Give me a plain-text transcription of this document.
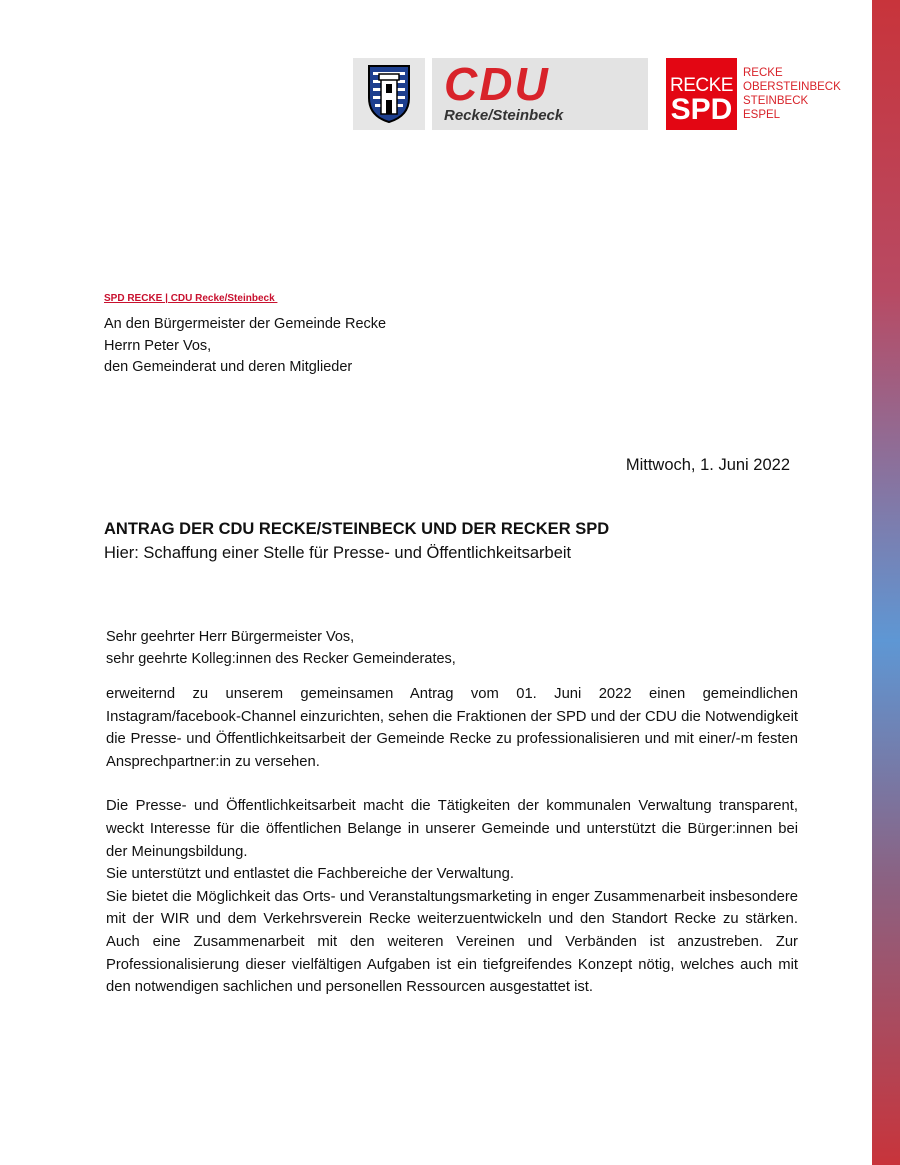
CDU
Recke/Steinbeck
RECKE
SPD
RECKE
OBERSTEINBECK
STEINBECK
ESPEL
SPD RECKE | CDU Recke/Steinbeck
An den Bürgermeister der Gemeinde Recke
Herrn Peter Vos,
den Gemeinderat und deren Mitglieder
Mittwoch, 1. Juni 2022
ANTRAG DER CDU RECKE/STEINBECK UND DER RECKER SPD
Hier: Schaffung einer Stelle für Presse- und Öffentlichkeitsarbeit
Sehr geehrter Herr Bürgermeister Vos,
sehr geehrte Kolleg:innen des Recker Gemeinderates,

erweiternd zu unserem gemeinsamen Antrag vom 01. Juni 2022 einen gemeindlichen Instagram/facebook-Channel einzurichten, sehen die Fraktionen der SPD und der CDU die Notwendigkeit die Presse- und Öffentlichkeitsarbeit der Gemeinde Recke zu professionalisieren und mit einer/-m festen Ansprechpartner:in zu versehen.

Die Presse- und Öffentlichkeitsarbeit macht die Tätigkeiten der kommunalen Verwaltung transparent, weckt Interesse für die öffentlichen Belange in unserer Gemeinde und unterstützt die Bürger:innen bei der Meinungsbildung.

Sie unterstützt und entlastet die Fachbereiche der Verwaltung.

Sie bietet die Möglichkeit das Orts- und Veranstaltungsmarketing in enger Zusammenarbeit insbesondere mit der WIR und dem Verkehrsverein Recke weiterzuentwickeln und den Standort Recke zu stärken. Auch eine Zusammenarbeit mit den weiteren Vereinen und Verbänden ist anzustreben. Zur Professionalisierung dieser vielfältigen Aufgaben ist ein tiefgreifendes Konzept nötig, welches auch mit den notwendigen sachlichen und personellen Ressourcen ausgestattet ist.
